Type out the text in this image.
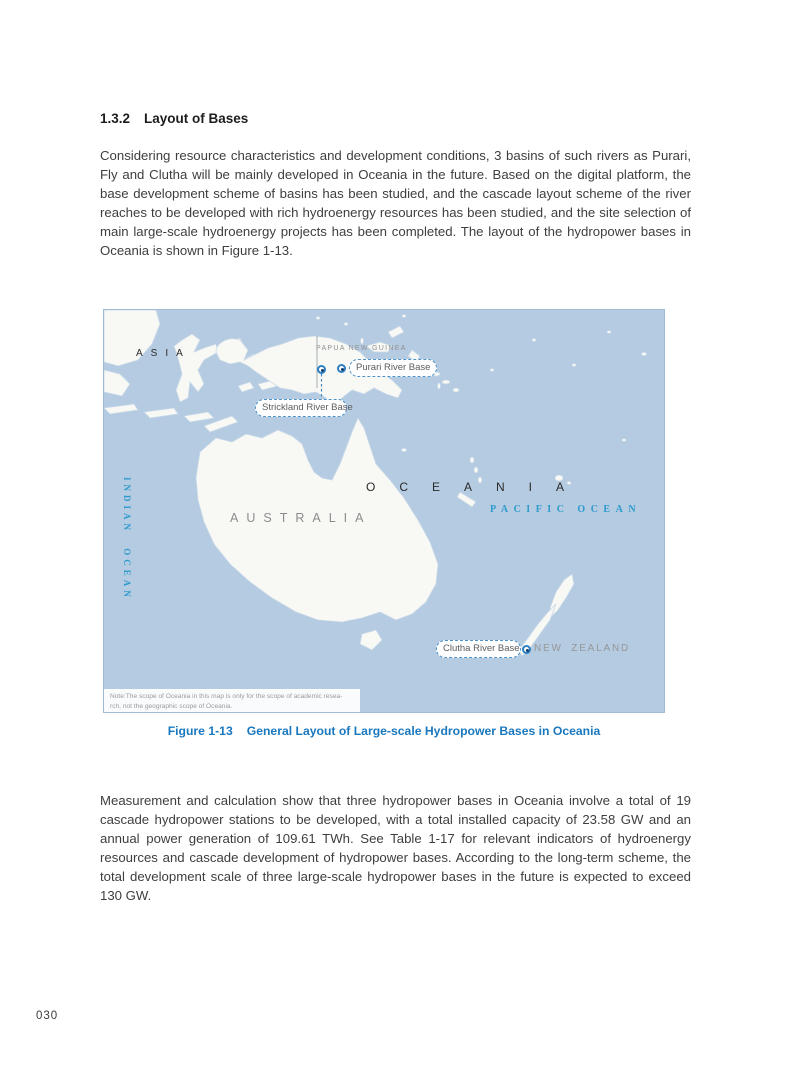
1.3.2 Layout of Bases
Considering resource characteristics and development conditions, 3 basins of such rivers as Purari, Fly and Clutha will be mainly developed in Oceania in the future. Based on the digital platform, the base development scheme of basins has been studied, and the cascade layout scheme of the river reaches to be developed with rich hydroenergy resources has been studied, and the site selection of main large-scale hydroenergy projects has been completed. The layout of the hydropower bases in Oceania is shown in Figure 1-13.
ASIA	PAPUA NEW GUINEA
OCEANIA
PACIFIC OCEAN
INDIAN OCEAN	AUSTRALIA
NEW ZEALAND
Purari River Base
Strickland River Base
Clutha River Base
Note:The scope of Oceania in this map is only for the scope of academic resea-
rch, not the geographic scope of Oceania.
Figure 1-13 General Layout of Large-scale Hydropower Bases in Oceania
Measurement and calculation show that three hydropower bases in Oceania involve a total of 19 cascade hydropower stations to be developed, with a total installed capacity of 23.58 GW and an annual power generation of 109.61 TWh. See Table 1-17 for relevant indicators of hydroenergy resources and cascade development of hydropower bases. According to the long-term scheme, the total development scale of three large-scale hydropower bases in the future is expected to exceed 130 GW.
030
